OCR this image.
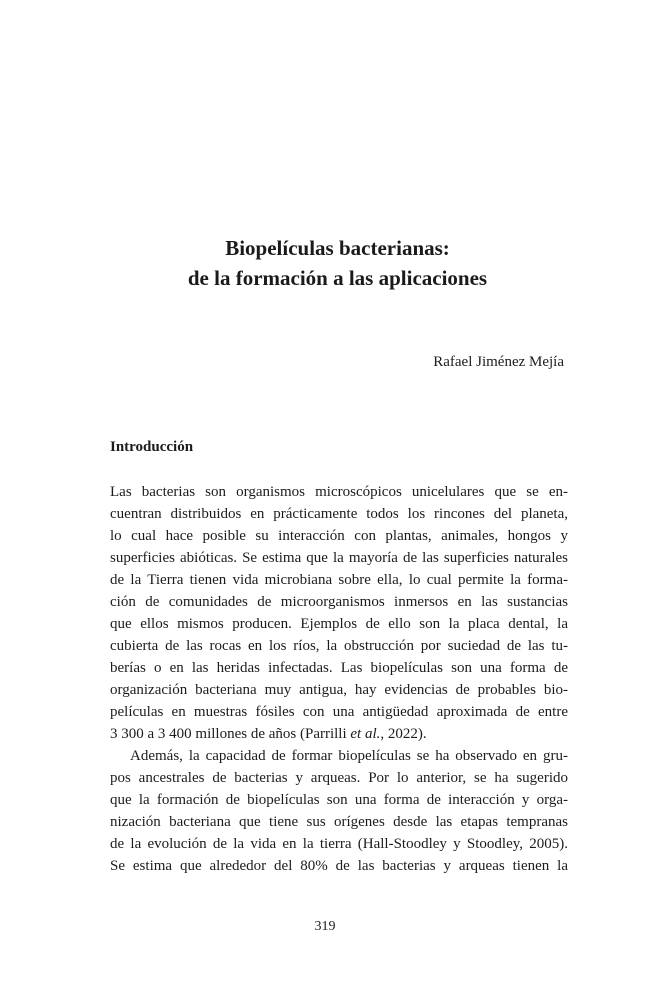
Biopelículas bacterianas:
de la formación a las aplicaciones
Rafael Jiménez Mejía
Introducción
Las bacterias son organismos microscópicos unicelulares que se en-
cuentran distribuidos en prácticamente todos los rincones del planeta,
lo cual hace posible su interacción con plantas, animales, hongos y
superficies abióticas. Se estima que la mayoría de las superficies naturales
de la Tierra tienen vida microbiana sobre ella, lo cual permite la forma-
ción de comunidades de microorganismos inmersos en las sustancias
que ellos mismos producen. Ejemplos de ello son la placa dental, la
cubierta de las rocas en los ríos, la obstrucción por suciedad de las tu-
berías o en las heridas infectadas. Las biopelículas son una forma de
organización bacteriana muy antigua, hay evidencias de probables bio-
películas en muestras fósiles con una antigüedad aproximada de entre
3 300 a 3 400 millones de años (Parrilli et al., 2022).
Además, la capacidad de formar biopelículas se ha observado en gru-
pos ancestrales de bacterias y arqueas. Por lo anterior, se ha sugerido
que la formación de biopelículas son una forma de interacción y orga-
nización bacteriana que tiene sus orígenes desde las etapas tempranas
de la evolución de la vida en la tierra (Hall-Stoodley y Stoodley, 2005).
Se estima que alrededor del 80% de las bacterias y arqueas tienen la
319
